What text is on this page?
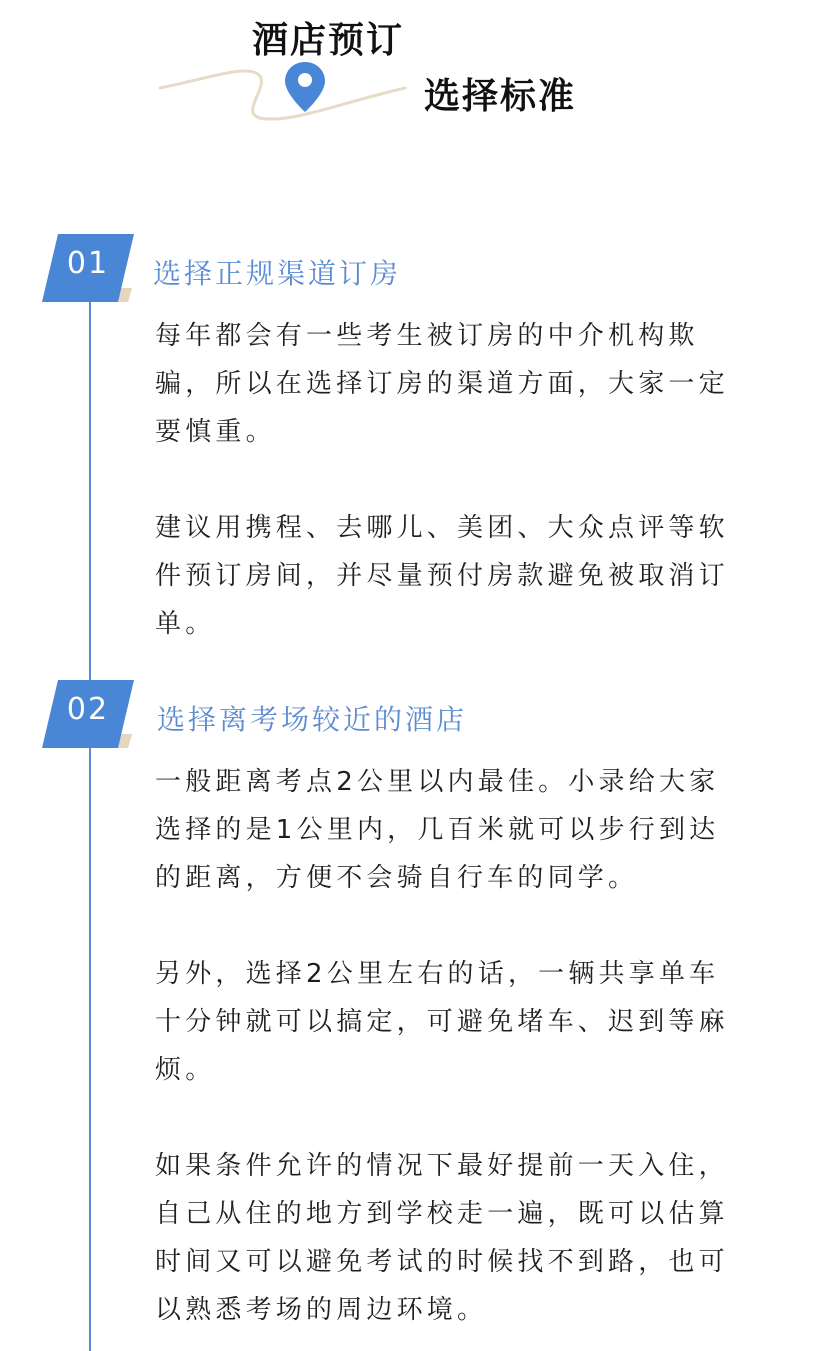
酒店预订
选择标准
01	选择正规渠道订房

每年都会有一些考生被订房的中介机构欺骗，所以在选择订房的渠道方面，大家一定要慎重。

建议用携程、去哪儿、美团、大众点评等软件预订房间，并尽量预付房款避免被取消订单。

02	选择离考场较近的酒店

一般距离考点2公里以内最佳。小录给大家选择的是1公里内，几百米就可以步行到达的距离，方便不会骑自行车的同学。

另外，选择2公里左右的话，一辆共享单车十分钟就可以搞定，可避免堵车、迟到等麻烦。

如果条件允许的情况下最好提前一天入住，自己从住的地方到学校走一遍，既可以估算时间又可以避免考试的时候找不到路，也可以熟悉考场的周边环境。
